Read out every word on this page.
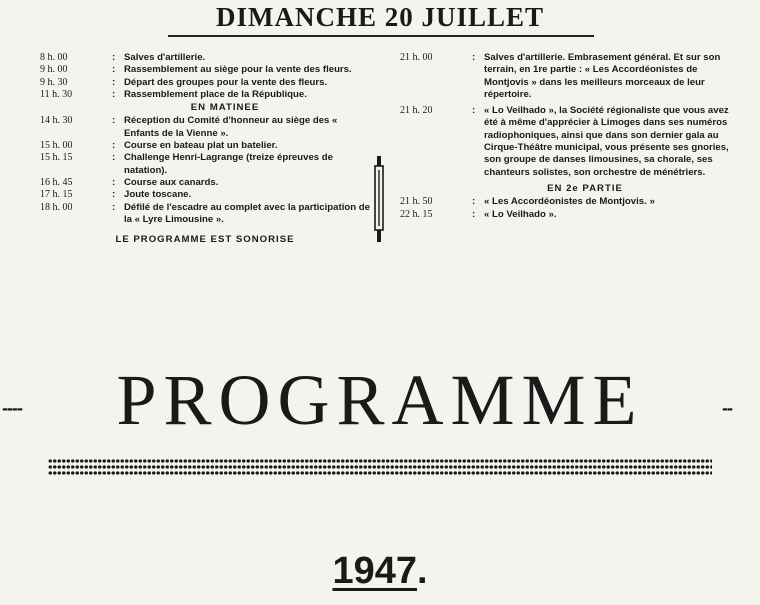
DIMANCHE 20 JUILLET
8 h. 00	: Salves d'artillerie.
9 h. 00	: Rassemblement au siège pour la vente des fleurs.
9 h. 30	: Départ des groupes pour la vente des fleurs.
11 h. 30	: Rassemblement place de la République.
EN MATINEE
14 h. 30	: Réception du Comité d'honneur au siège des « Enfants de la Vienne ».
15 h. 00	: Course en bateau plat un batelier.
15 h. 15	: Challenge Henri-Lagrange (treize épreuves de natation).
16 h. 45	: Course aux canards.
17 h. 15	: Joute toscane.
18 h. 00	: Défilé de l'escadre au complet avec la participation de la « Lyre Limousine ».
LE PROGRAMME EST SONORISE
21 h. 00	: Salves d'artillerie. Embrasement général. Et sur son terrain, en 1re partie : « Les Accordéonistes de Montjovis » dans les meilleurs morceaux de leur répertoire.
21 h. 20	: « Lo Veilhado », la Société régionaliste que vous avez été à même d'apprécier à Limoges dans ses numéros radiophoniques, ainsi que dans son dernier gala au Cirque-Théâtre municipal, vous présente ses gnories, son groupe de danses limousines, sa chorale, ses chanteurs solistes, son orchestre de ménétriers.
EN 2e PARTIE
21 h. 50	: « Les Accordéonistes de Montjovis. »
22 h. 15	: « Lo Veilhado ».
----	PROGRAMME	--
1947.
